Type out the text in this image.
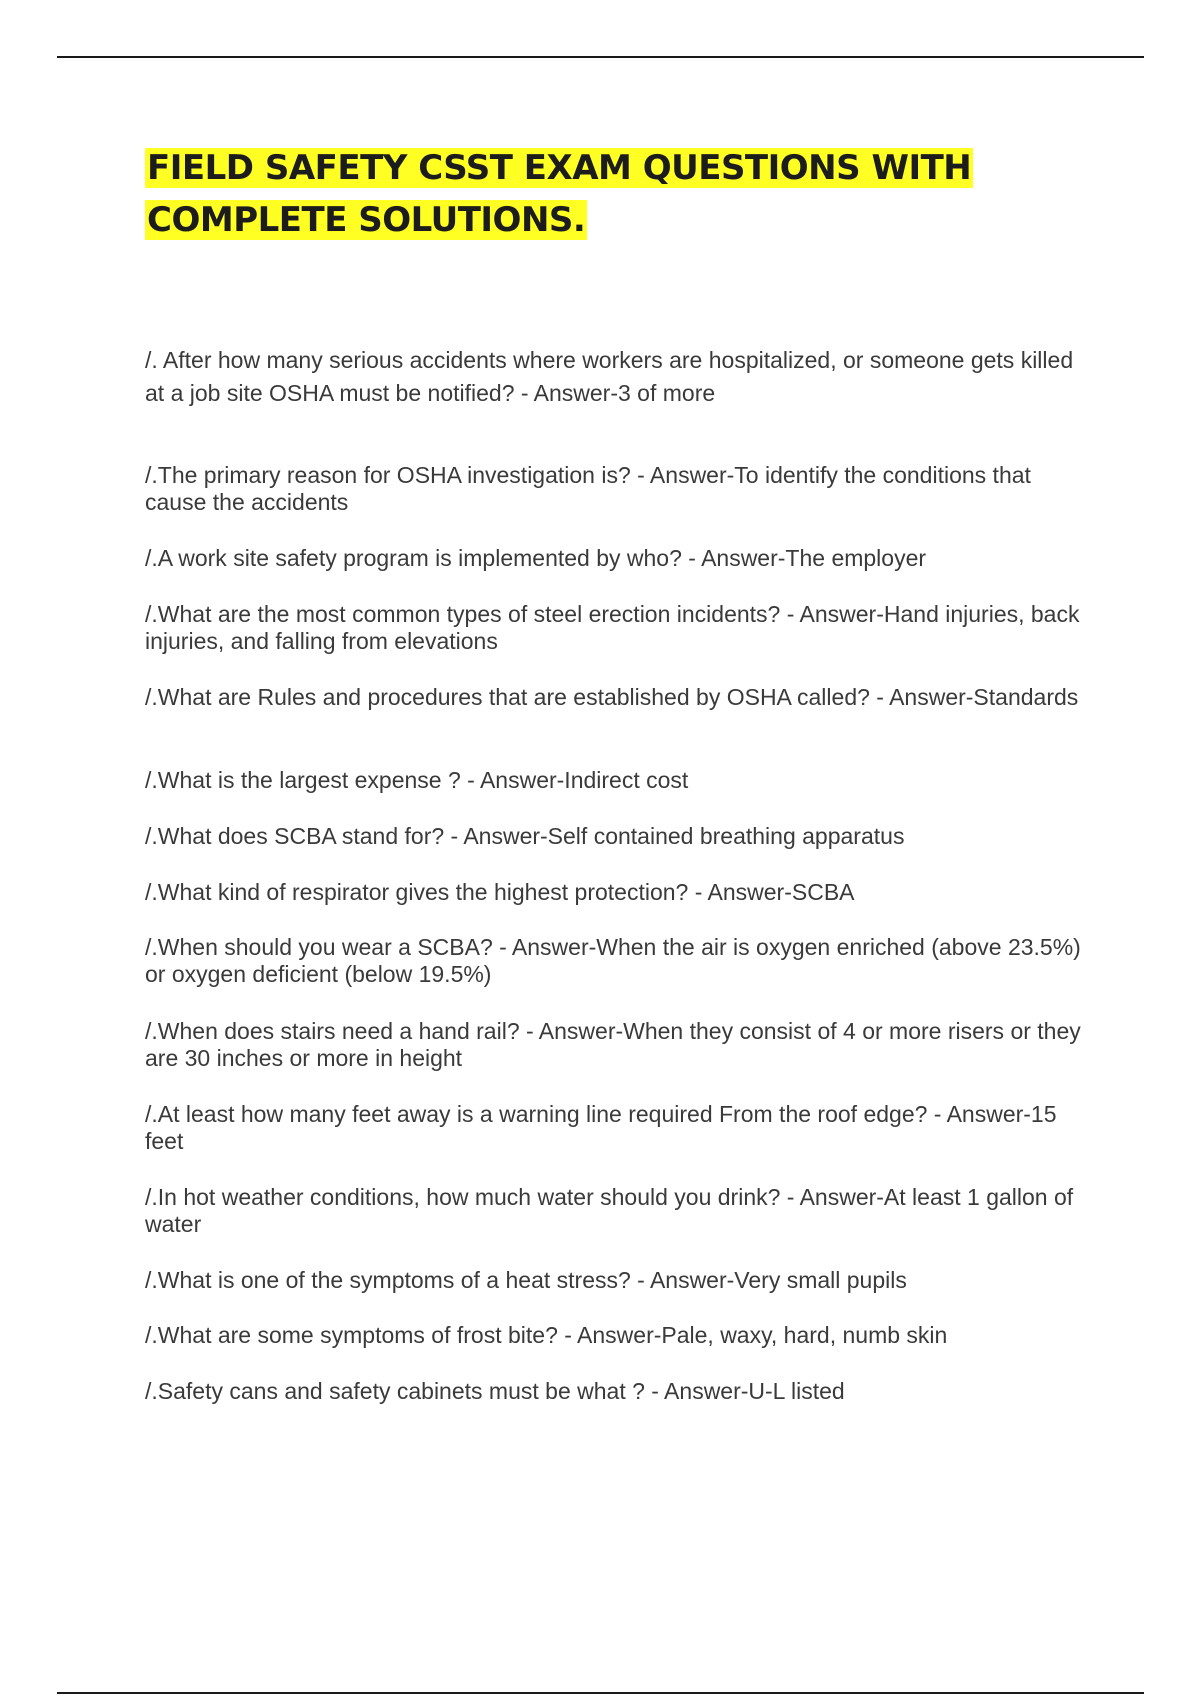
FIELD SAFETY CSST EXAM QUESTIONS WITH COMPLETE SOLUTIONS.

/. After how many serious accidents where workers are hospitalized, or someone gets killed at a job site OSHA must be notified? - Answer-3 of more

/.The primary reason for OSHA investigation is? - Answer-To identify the conditions that cause the accidents

/.A work site safety program is implemented by who? - Answer-The employer

/.What are the most common types of steel erection incidents? - Answer-Hand injuries, back injuries, and falling from elevations

/.What are Rules and procedures that are established by OSHA called? - Answer-Standards

/.What is the largest expense ? - Answer-Indirect cost

/.What does SCBA stand for? - Answer-Self contained breathing apparatus

/.What kind of respirator gives the highest protection? - Answer-SCBA

/.When should you wear a SCBA? - Answer-When the air is oxygen enriched (above 23.5%) or oxygen deficient (below 19.5%)

/.When does stairs need a hand rail? - Answer-When they consist of 4 or more risers or they are 30 inches or more in height

/.At least how many feet away is a warning line required From the roof edge? - Answer-15 feet

/.In hot weather conditions, how much water should you drink? - Answer-At least 1 gallon of water

/.What is one of the symptoms of a heat stress? - Answer-Very small pupils

/.What are some symptoms of frost bite? - Answer-Pale, waxy, hard, numb skin

/.Safety cans and safety cabinets must be what ? - Answer-U-L listed
